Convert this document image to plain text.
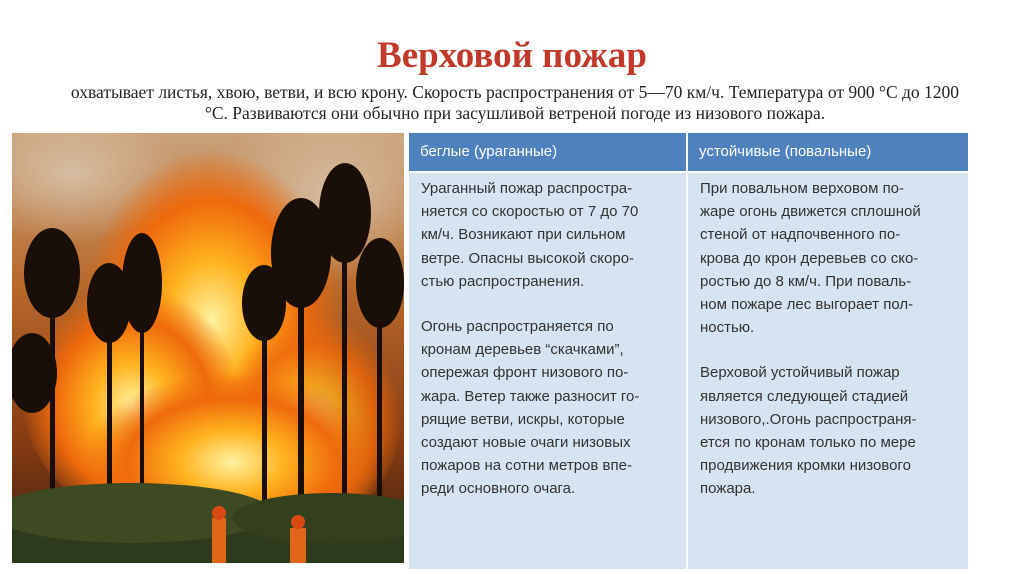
Верховой пожар
охватывает листья, хвою, ветви, и всю крону. Скорость распространения от 5—70 км/ч. Температура от 900 °С до 1200 °С. Развиваются они обычно при засушливой ветреной погоде из низового пожара.
беглые (ураганные)	устойчивые (повальные)

Ураганный пожар распростра-
няется со скоростью от 7 до 70
км/ч. Возникают при сильном
ветре. Опасны высокой скоро-
стью распространения.

Огонь распространяется по
кронам деревьев “скачками”,
опережая фронт низового по-
жара. Ветер также разносит го-
рящие ветви, искры, которые
создают новые очаги низовых
пожаров на сотни метров впе-
реди основного очага.

При повальном верховом по-
жаре огонь движется сплошной
стеной от надпочвенного по-
крова до крон деревьев со ско-
ростью до 8 км/ч. При поваль-
ном пожаре лес выгорает пол-
ностью.

Верховой устойчивый пожар
является следующей стадией
низового,.Огонь распространя-
ется по кронам только по мере
продвижения кромки низового
пожара.
